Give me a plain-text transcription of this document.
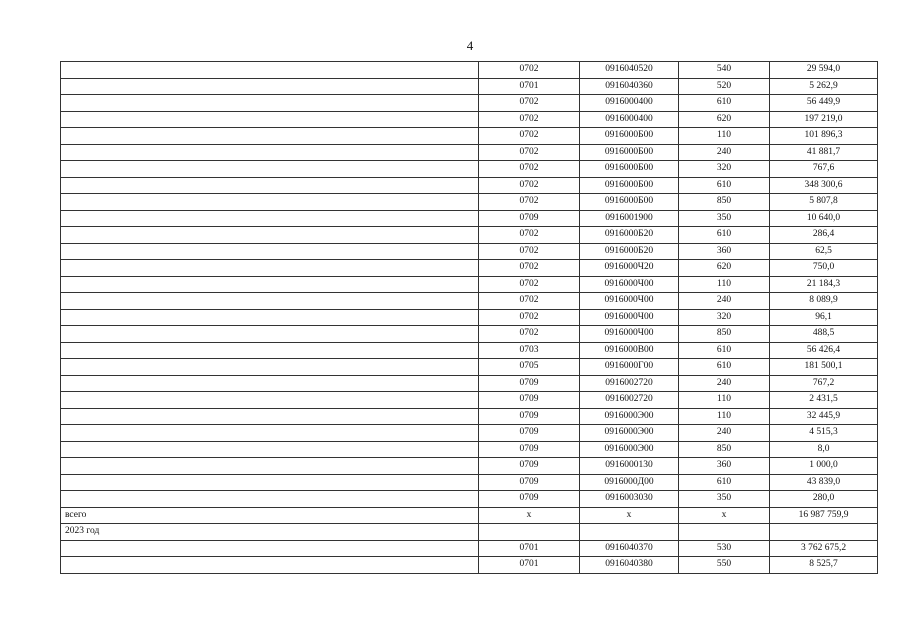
4
	0702	0916040520	540	29 594,0
	0701	0916040360	520	5 262,9
	0702	0916000400	610	56 449,9
	0702	0916000400	620	197 219,0
	0702	0916000Б00	110	101 896,3
	0702	0916000Б00	240	41 881,7
	0702	0916000Б00	320	767,6
	0702	0916000Б00	610	348 300,6
	0702	0916000Б00	850	5 807,8
	0709	0916001900	350	10 640,0
	0702	0916000Б20	610	286,4
	0702	0916000Б20	360	62,5
	0702	0916000Ч20	620	750,0
	0702	0916000Ч00	110	21 184,3
	0702	0916000Ч00	240	8 089,9
	0702	0916000Ч00	320	96,1
	0702	0916000Ч00	850	488,5
	0703	0916000В00	610	56 426,4
	0705	0916000Г00	610	181 500,1
	0709	0916002720	240	767,2
	0709	0916002720	110	2 431,5
	0709	0916000Э00	110	32 445,9
	0709	0916000Э00	240	4 515,3
	0709	0916000Э00	850	8,0
	0709	0916000130	360	1 000,0
	0709	0916000Д00	610	43 839,0
	0709	0916003030	350	280,0
всего	х	х	х	16 987 759,9
2023 год				
	0701	0916040370	530	3 762 675,2
	0701	0916040380	550	8 525,7
